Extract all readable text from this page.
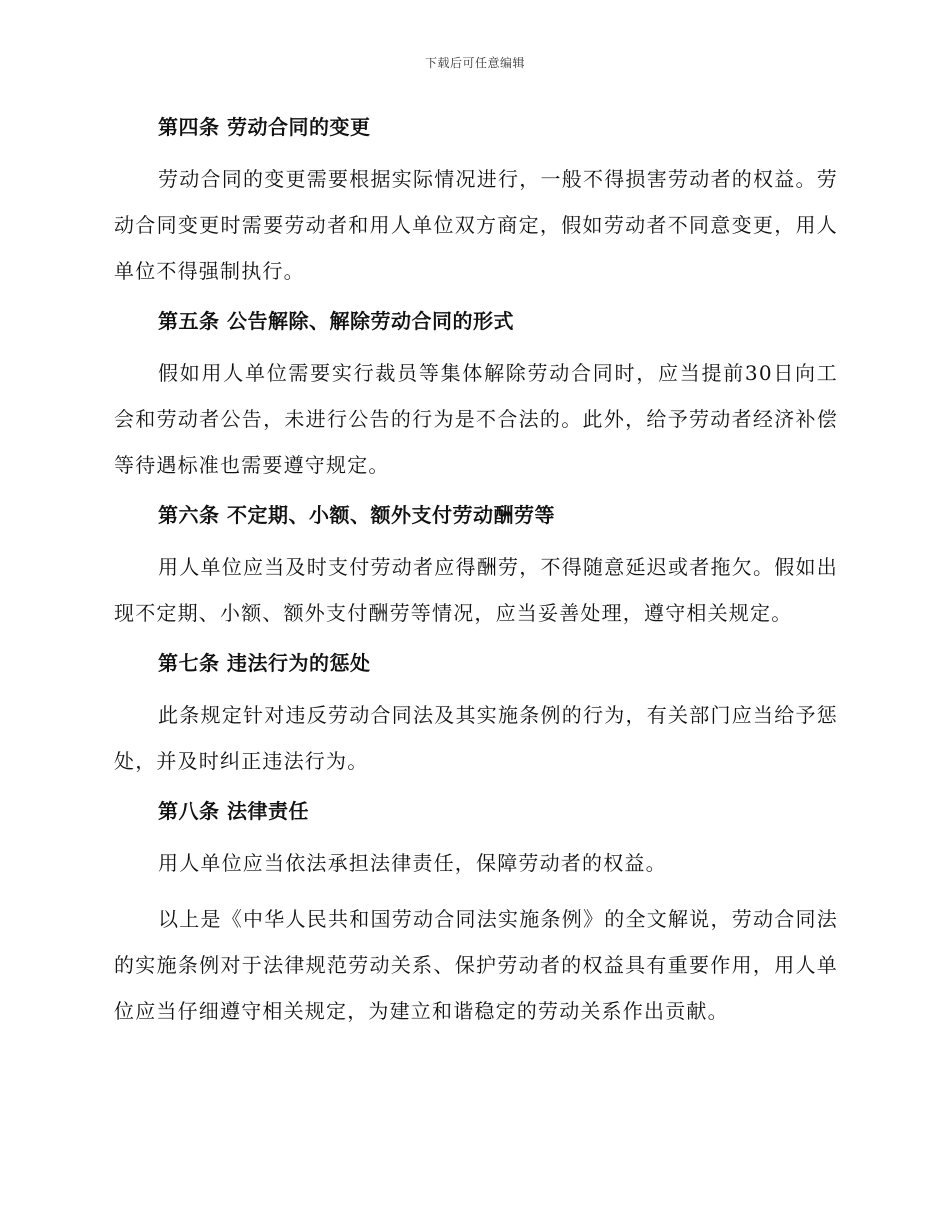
下载后可任意编辑

第四条 劳动合同的变更

劳动合同的变更需要根据实际情况进行，一般不得损害劳动者的权益。劳动合同变更时需要劳动者和用人单位双方商定，假如劳动者不同意变更，用人单位不得强制执行。

第五条 公告解除、解除劳动合同的形式

假如用人单位需要实行裁员等集体解除劳动合同时，应当提前30日向工会和劳动者公告，未进行公告的行为是不合法的。此外，给予劳动者经济补偿等待遇标准也需要遵守规定。

第六条 不定期、小额、额外支付劳动酬劳等

用人单位应当及时支付劳动者应得酬劳，不得随意延迟或者拖欠。假如出现不定期、小额、额外支付酬劳等情况，应当妥善处理，遵守相关规定。

第七条 违法行为的惩处

此条规定针对违反劳动合同法及其实施条例的行为，有关部门应当给予惩处，并及时纠正违法行为。

第八条 法律责任

用人单位应当依法承担法律责任，保障劳动者的权益。

以上是《中华人民共和国劳动合同法实施条例》的全文解说，劳动合同法的实施条例对于法律规范劳动关系、保护劳动者的权益具有重要作用，用人单位应当仔细遵守相关规定，为建立和谐稳定的劳动关系作出贡献。
